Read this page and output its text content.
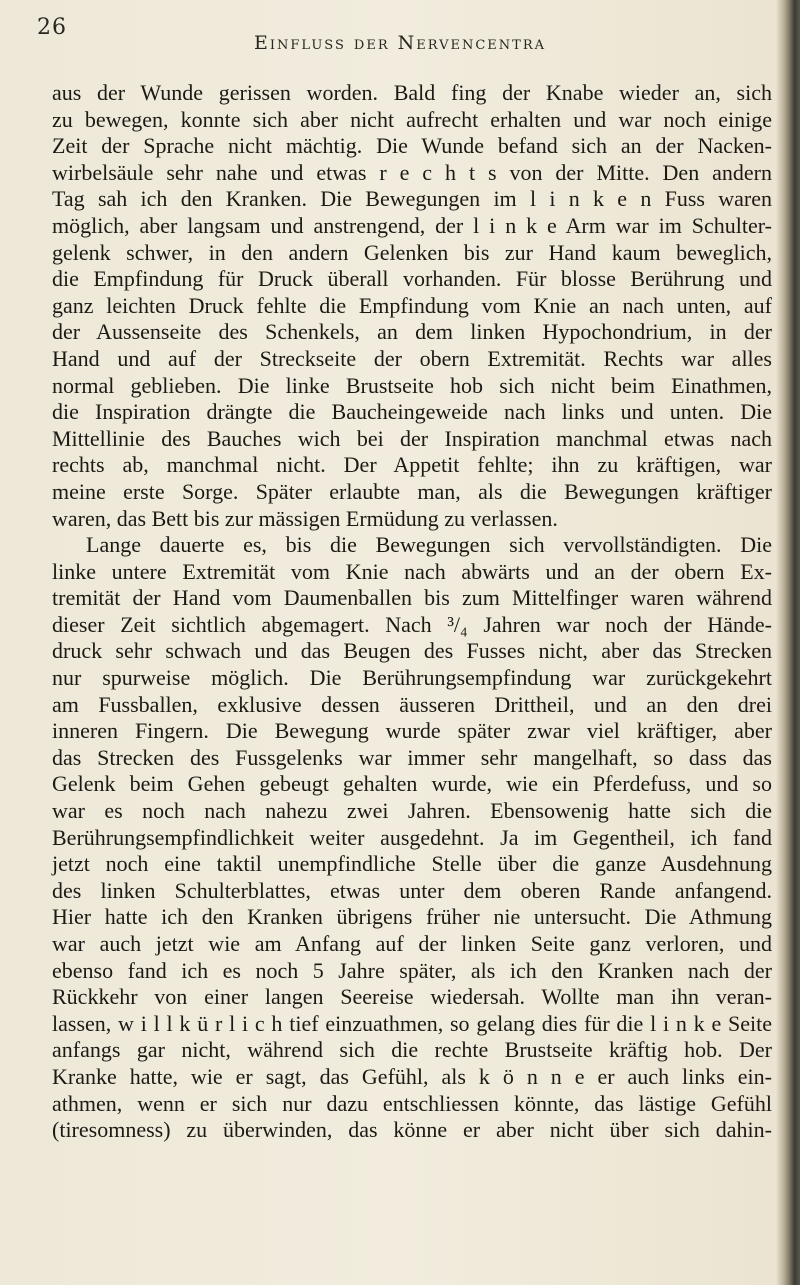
26
Einfluss der Nervencentra
aus der Wunde gerissen worden. Bald fing der Knabe wieder an, sich
zu bewegen, konnte sich aber nicht aufrecht erhalten und war noch einige
Zeit der Sprache nicht mächtig. Die Wunde befand sich an der Nacken-
wirbelsäule sehr nahe und etwas r e c h t s von der Mitte. Den andern
Tag sah ich den Kranken. Die Bewegungen im l i n k e n Fuss waren
möglich, aber langsam und anstrengend, der l i n k e Arm war im Schulter-
gelenk schwer, in den andern Gelenken bis zur Hand kaum beweglich,
die Empfindung für Druck überall vorhanden. Für blosse Berührung und
ganz leichten Druck fehlte die Empfindung vom Knie an nach unten, auf
der Aussenseite des Schenkels, an dem linken Hypochondrium, in der
Hand und auf der Streckseite der obern Extremität. Rechts war alles
normal geblieben. Die linke Brustseite hob sich nicht beim Einathmen,
die Inspiration drängte die Baucheingeweide nach links und unten. Die
Mittellinie des Bauches wich bei der Inspiration manchmal etwas nach
rechts ab, manchmal nicht. Der Appetit fehlte; ihn zu kräftigen, war
meine erste Sorge. Später erlaubte man, als die Bewegungen kräftiger
waren, das Bett bis zur mässigen Ermüdung zu verlassen.
Lange dauerte es, bis die Bewegungen sich vervollständigten. Die
linke untere Extremität vom Knie nach abwärts und an der obern Ex-
tremität der Hand vom Daumenballen bis zum Mittelfinger waren während
dieser Zeit sichtlich abgemagert. Nach ³/₄ Jahren war noch der Hände-
druck sehr schwach und das Beugen des Fusses nicht, aber das Strecken
nur spurweise möglich. Die Berührungsempfindung war zurückgekehrt
am Fussballen, exklusive dessen äusseren Drittheil, und an den drei
inneren Fingern. Die Bewegung wurde später zwar viel kräftiger, aber
das Strecken des Fussgelenks war immer sehr mangelhaft, so dass das
Gelenk beim Gehen gebeugt gehalten wurde, wie ein Pferdefuss, und so
war es noch nach nahezu zwei Jahren. Ebensowenig hatte sich die
Berührungsempfindlichkeit weiter ausgedehnt. Ja im Gegentheil, ich fand
jetzt noch eine taktil unempfindliche Stelle über die ganze Ausdehnung
des linken Schulterblattes, etwas unter dem oberen Rande anfangend.
Hier hatte ich den Kranken übrigens früher nie untersucht. Die Athmung
war auch jetzt wie am Anfang auf der linken Seite ganz verloren, und
ebenso fand ich es noch 5 Jahre später, als ich den Kranken nach der
Rückkehr von einer langen Seereise wiedersah. Wollte man ihn veran-
lassen, w i l l k ü r l i c h tief einzuathmen, so gelang dies für die l i n k e Seite
anfangs gar nicht, während sich die rechte Brustseite kräftig hob. Der
Kranke hatte, wie er sagt, das Gefühl, als k ö n n e er auch links ein-
athmen, wenn er sich nur dazu entschliessen könnte, das lästige Gefühl
(tiresomness) zu überwinden, das könne er aber nicht über sich dahin-
